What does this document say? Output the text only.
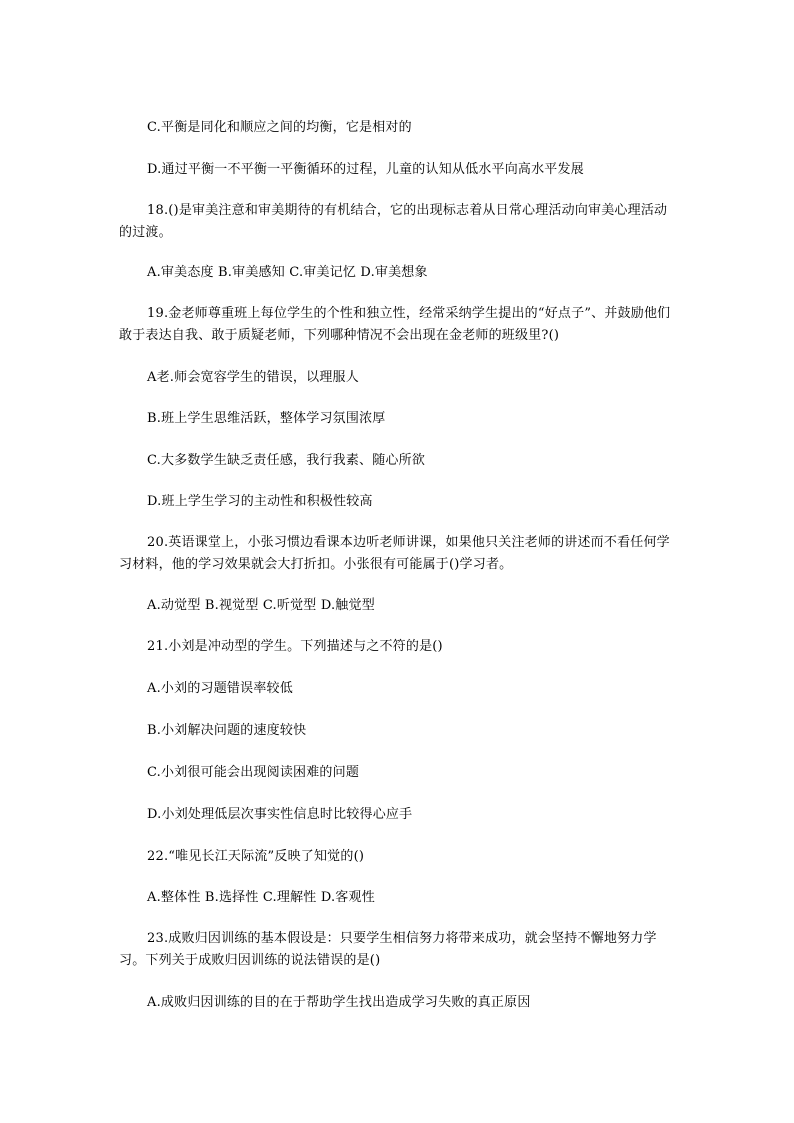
C.平衡是同化和顺应之间的均衡，它是相对的
D.通过平衡一不平衡一平衡循环的过程，儿童的认知从低水平向高水平发展
18.()是审美注意和审美期待的有机结合，它的出现标志着从日常心理活动向审美心理活动的过渡。
A.审美态度 B.审美感知 C.审美记忆 D.审美想象
19.金老师尊重班上每位学生的个性和独立性，经常采纳学生提出的“好点子”、并鼓励他们敢于表达自我、敢于质疑老师，下列哪种情况不会出现在金老师的班级里?()
A老.师会宽容学生的错误，以理服人
B.班上学生思维活跃，整体学习氛围浓厚
C.大多数学生缺乏责任感，我行我素、随心所欲
D.班上学生学习的主动性和积极性较高
20.英语课堂上，小张习惯边看课本边听老师讲课，如果他只关注老师的讲述而不看任何学习材料，他的学习效果就会大打折扣。小张很有可能属于()学习者。
A.动觉型 B.视觉型 C.听觉型 D.触觉型
21.小刘是冲动型的学生。下列描述与之不符的是()
A.小刘的习题错误率较低
B.小刘解决问题的速度较快
C.小刘很可能会出现阅读困难的问题
D.小刘处理低层次事实性信息时比较得心应手
22.“唯见长江天际流”反映了知觉的()
A.整体性 B.选择性 C.理解性 D.客观性
23.成败归因训练的基本假设是：只要学生相信努力将带来成功，就会坚持不懈地努力学习。下列关于成败归因训练的说法错误的是()
A.成败归因训练的目的在于帮助学生找出造成学习失败的真正原因
